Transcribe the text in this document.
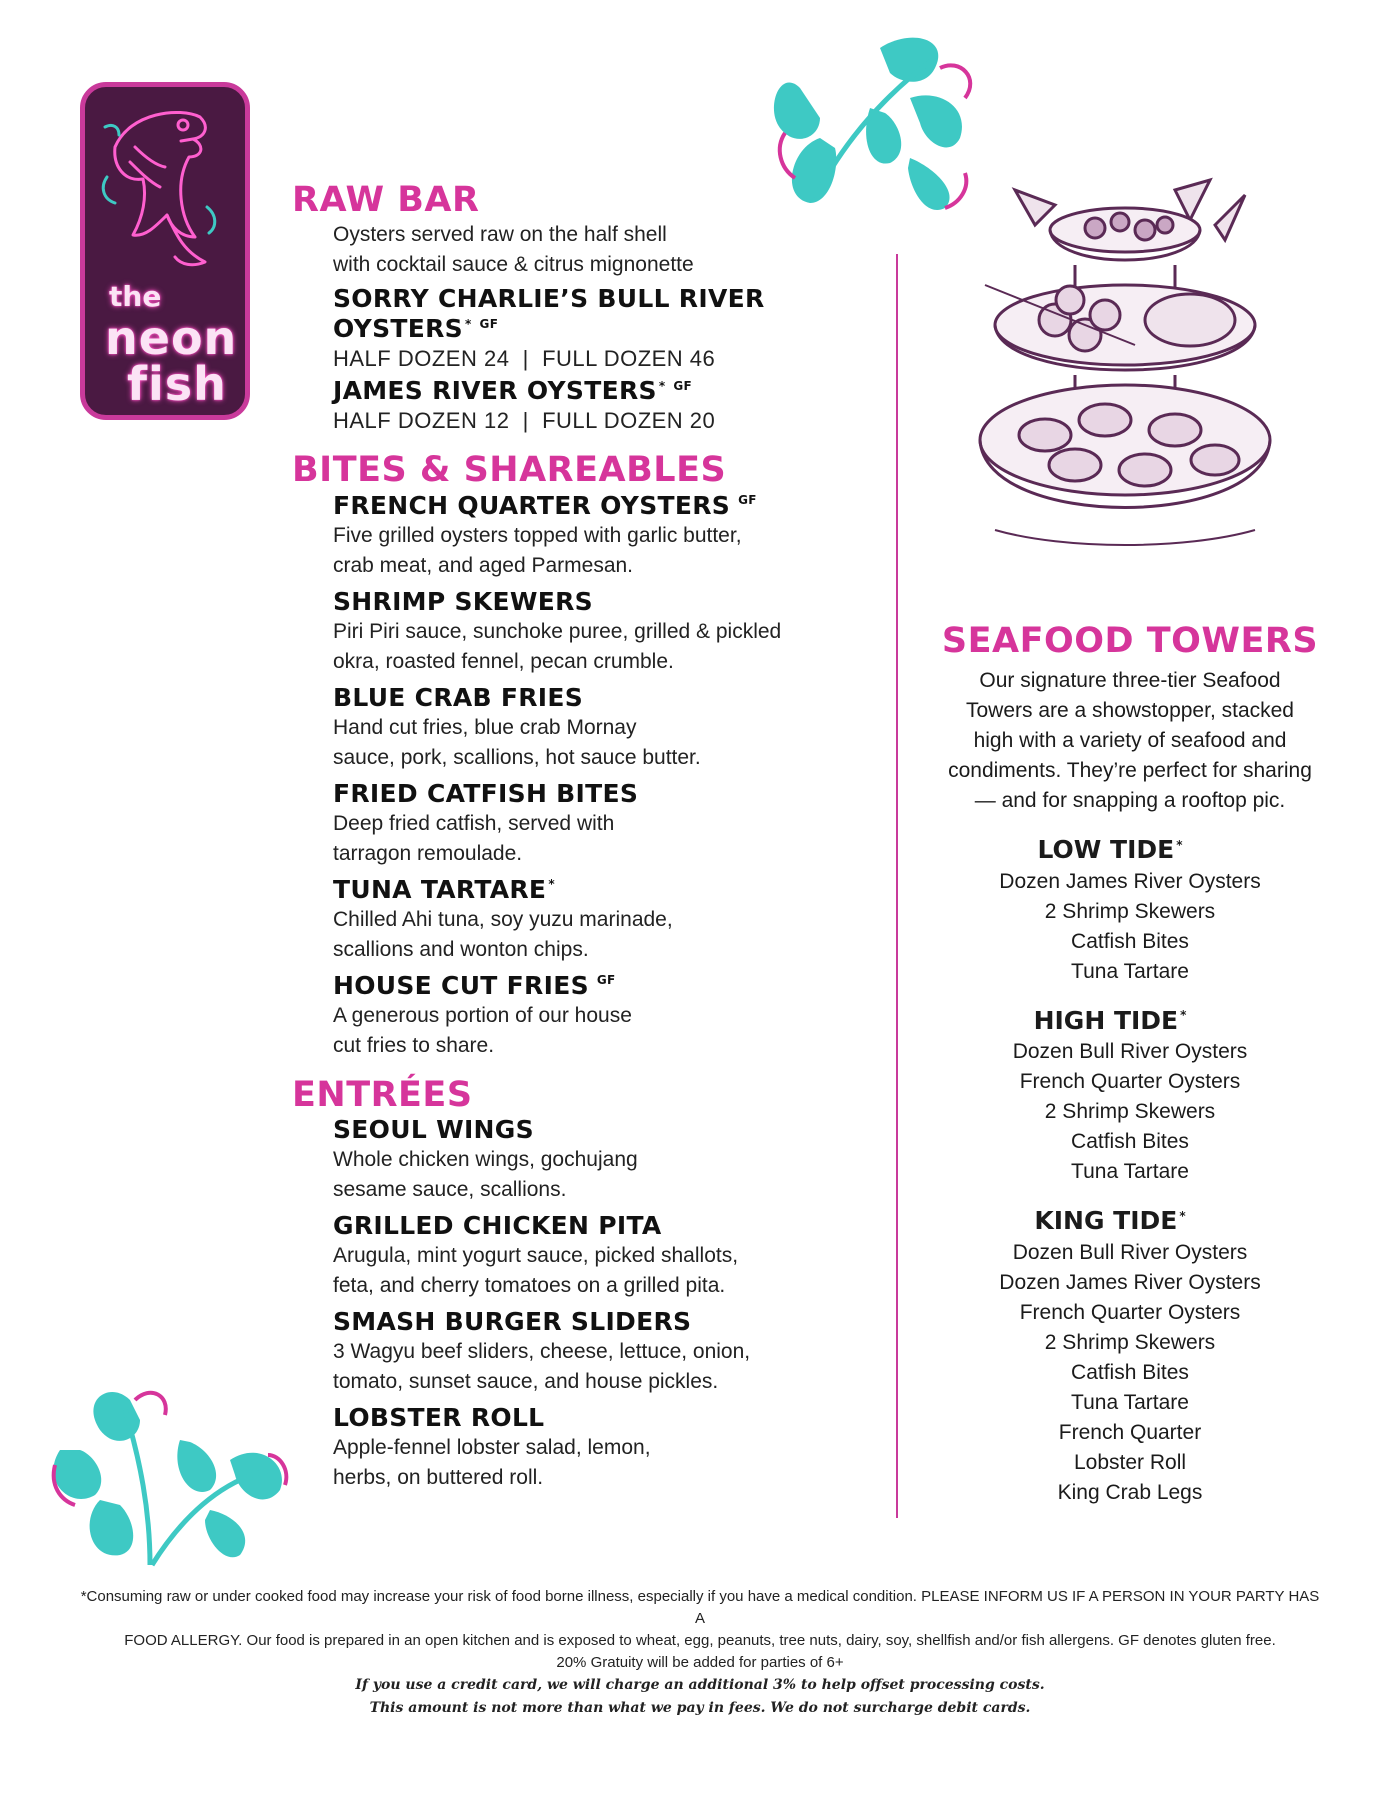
the
neon
fish
RAW BAR
Oysters served raw on the half shell
with cocktail sauce & citrus mignonette
SORRY CHARLIE’S BULL RIVER OYSTERS * $^{GF}$
HALF DOZEN 24  |  FULL DOZEN 46
JAMES RIVER OYSTERS * $^{GF}$
HALF DOZEN 12  |  FULL DOZEN 20
BITES & SHAREABLES
FRENCH QUARTER OYSTERS $^{GF}$
Five grilled oysters topped with garlic butter,
crab meat, and aged Parmesan.
SHRIMP SKEWERS
Piri Piri sauce, sunchoke puree, grilled & pickled
okra, roasted fennel, pecan crumble.
BLUE CRAB FRIES
Hand cut fries, blue crab Mornay
sauce, pork, scallions, hot sauce butter.
FRIED CATFISH BITES
Deep fried catfish, served with
tarragon remoulade.
TUNA TARTARE *
Chilled Ahi tuna, soy yuzu marinade,
scallions and wonton chips.
HOUSE CUT FRIES $^{GF}$
A generous portion of our house
cut fries to share.
ENTRÉES
SEOUL WINGS
Whole chicken wings, gochujang
sesame sauce, scallions.
GRILLED CHICKEN PITA
Arugula, mint yogurt sauce, picked shallots,
feta, and cherry tomatoes on a grilled pita.
SMASH BURGER SLIDERS
3 Wagyu beef sliders, cheese, lettuce, onion,
tomato, sunset sauce, and house pickles.
LOBSTER ROLL
Apple-fennel lobster salad, lemon,
herbs, on buttered roll.
SEAFOOD TOWERS
Our signature three-tier Seafood
Towers are a showstopper, stacked
high with a variety of seafood and
condiments. They’re perfect for sharing
— and for snapping a rooftop pic.
LOW TIDE *
Dozen James River Oysters
2 Shrimp Skewers
Catfish Bites
Tuna Tartare
HIGH TIDE *
Dozen Bull River Oysters
French Quarter Oysters
2 Shrimp Skewers
Catfish Bites
Tuna Tartare
KING TIDE *
Dozen Bull River Oysters
Dozen James River Oysters
French Quarter Oysters
2 Shrimp Skewers
Catfish Bites
Tuna Tartare
French Quarter
Lobster Roll
King Crab Legs
*Consuming raw or under cooked food may increase your risk of food borne illness, especially if you have a medical condition. PLEASE INFORM US IF A PERSON IN YOUR PARTY HAS A
FOOD ALLERGY. Our food is prepared in an open kitchen and is exposed to wheat, egg, peanuts, tree nuts, dairy, soy, shellfish and/or fish allergens. GF denotes gluten free.
20% Gratuity will be added for parties of 6+
If you use a credit card, we will charge an additional 3% to help offset processing costs.
This amount is not more than what we pay in fees. We do not surcharge debit cards.
